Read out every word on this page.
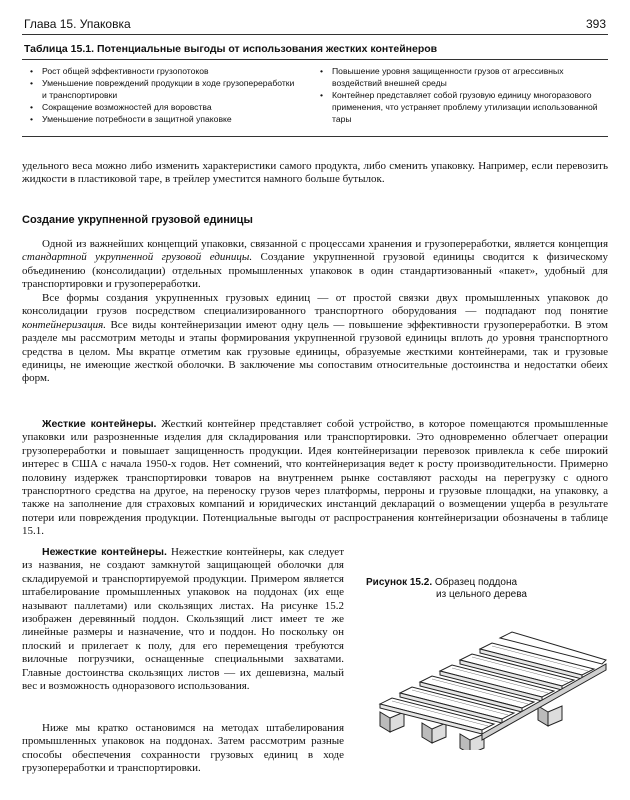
Глава 15. Упаковка	393
Таблица 15.1. Потенциальные выгоды от использования жестких контейнеров
• Рост общей эффективности грузопотоков
• Уменьшение повреждений продукции в ходе грузопереработки и транспортировки
• Сокращение возможностей для воровства
• Уменьшение потребности в защитной упаковке
• Повышение уровня защищенности грузов от агрессивных воздействий внешней среды
• Контейнер представляет собой грузовую единицу многоразового применения, что устраняет проблему утилизации использованной тары

удельного веса можно либо изменить характеристики самого продукта, либо сменить упаковку. Например, если перевозить жидкости в пластиковой таре, в трейлер уместится намного больше бутылок.

Создание укрупненной грузовой единицы

Одной из важнейших концепций упаковки, связанной с процессами хранения и грузопереработки, является концепция стандартной укрупненной грузовой единицы. Создание укрупненной грузовой единицы сводится к физическому объединению (консолидации) отдельных промышленных упаковок в один стандартизованный «пакет», удобный для транспортировки и грузопереработки.

Все формы создания укрупненных грузовых единиц — от простой связки двух промышленных упаковок до консолидации грузов посредством специализированного транспортного оборудования — подпадают под понятие контейнеризация. Все виды контейнеризации имеют одну цель — повышение эффективности грузопереработки. В этом разделе мы рассмотрим методы и этапы формирования укрупненной грузовой единицы вплоть до уровня транспортного средства в целом. Мы вкратце отметим как грузовые единицы, образуемые жесткими контейнерами, так и грузовые единицы, не имеющие жесткой оболочки. В заключение мы сопоставим относительные достоинства и недостатки обеих форм.

Жесткие контейнеры. Жесткий контейнер представляет собой устройство, в которое помещаются промышленные упаковки или разрозненные изделия для складирования или транспортировки. Это одновременно облегчает операции грузопереработки и повышает защищенность продукции. Идея контейнеризации перевозок привлекла к себе широкий интерес в США с начала 1950-х годов. Нет сомнений, что контейнеризация ведет к росту производительности. Примерно половину издержек транспортировки товаров на внутреннем рынке составляют расходы на перегрузку с одного транспортного средства на другое, на переноску грузов через платформы, перроны и грузовые площадки, на упаковку, а также на заполнение для страховых компаний и юридических инстанций деклараций о возмещении ущерба в результате потери или повреждения продукции. Потенциальные выгоды от распространения контейнеризации обозначены в таблице 15.1.

Нежесткие контейнеры. Нежесткие контейнеры, как следует из названия, не создают замкнутой защищающей оболочки для складируемой и транспортируемой продукции. Примером является штабелирование промышленных упаковок на поддонах (их еще называют паллетами) или скользящих листах. На рисунке 15.2 изображен деревянный поддон. Скользящий лист имеет те же линейные размеры и назначение, что и поддон. Но поскольку он плоский и прилегает к полу, для его перемещения требуются вилочные погрузчики, оснащенные специальными захватами. Главные достоинства скользящих листов — их дешевизна, малый вес и возможность одноразового использования.

Ниже мы кратко остановимся на методах штабелирования промышленных упаковок на поддонах. Затем рассмотрим разные способы обеспечения сохранности грузовых единиц в ходе грузопереработки и транспортировки.

Рисунок 15.2. Образец поддона
из цельного дерева
